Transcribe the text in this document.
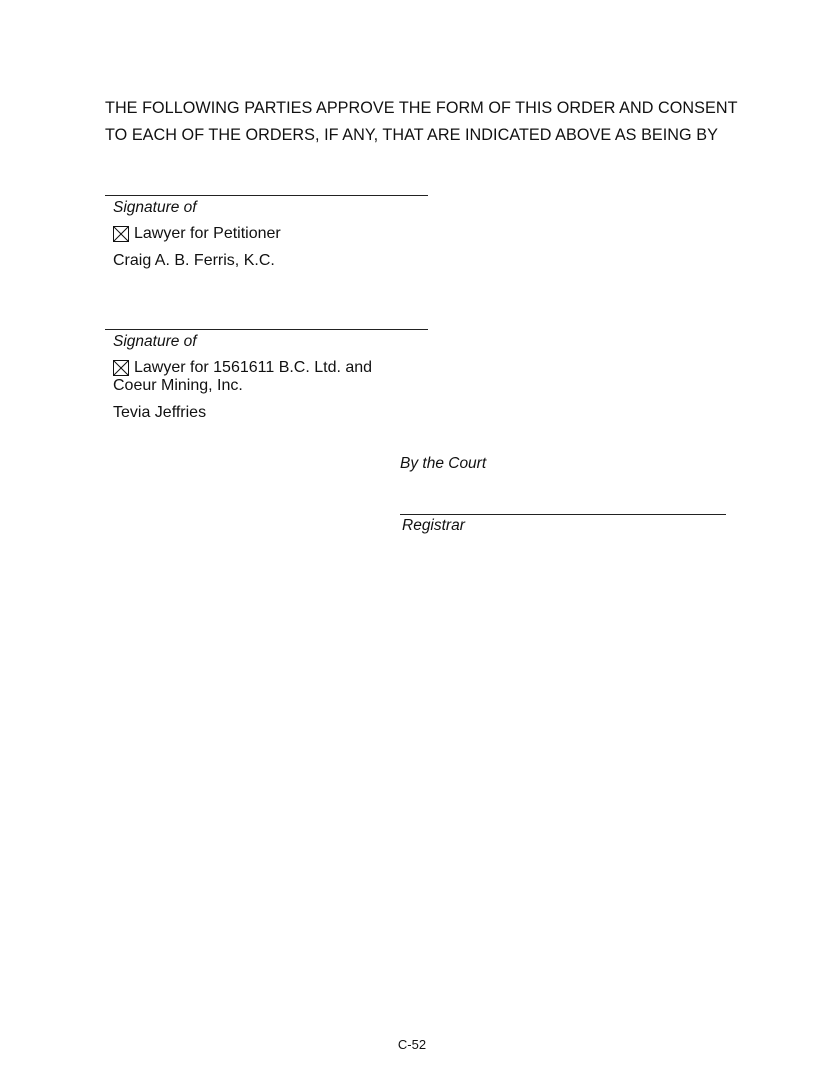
THE FOLLOWING PARTIES APPROVE THE FORM OF THIS ORDER AND CONSENT
TO EACH OF THE ORDERS, IF ANY, THAT ARE INDICATED ABOVE AS BEING BY
Signature of
Lawyer for Petitioner
Craig A. B. Ferris, K.C.
Signature of
Lawyer for 1561611 B.C. Ltd. and Coeur Mining, Inc.
Tevia Jeffries
By the Court
Registrar
C-52
